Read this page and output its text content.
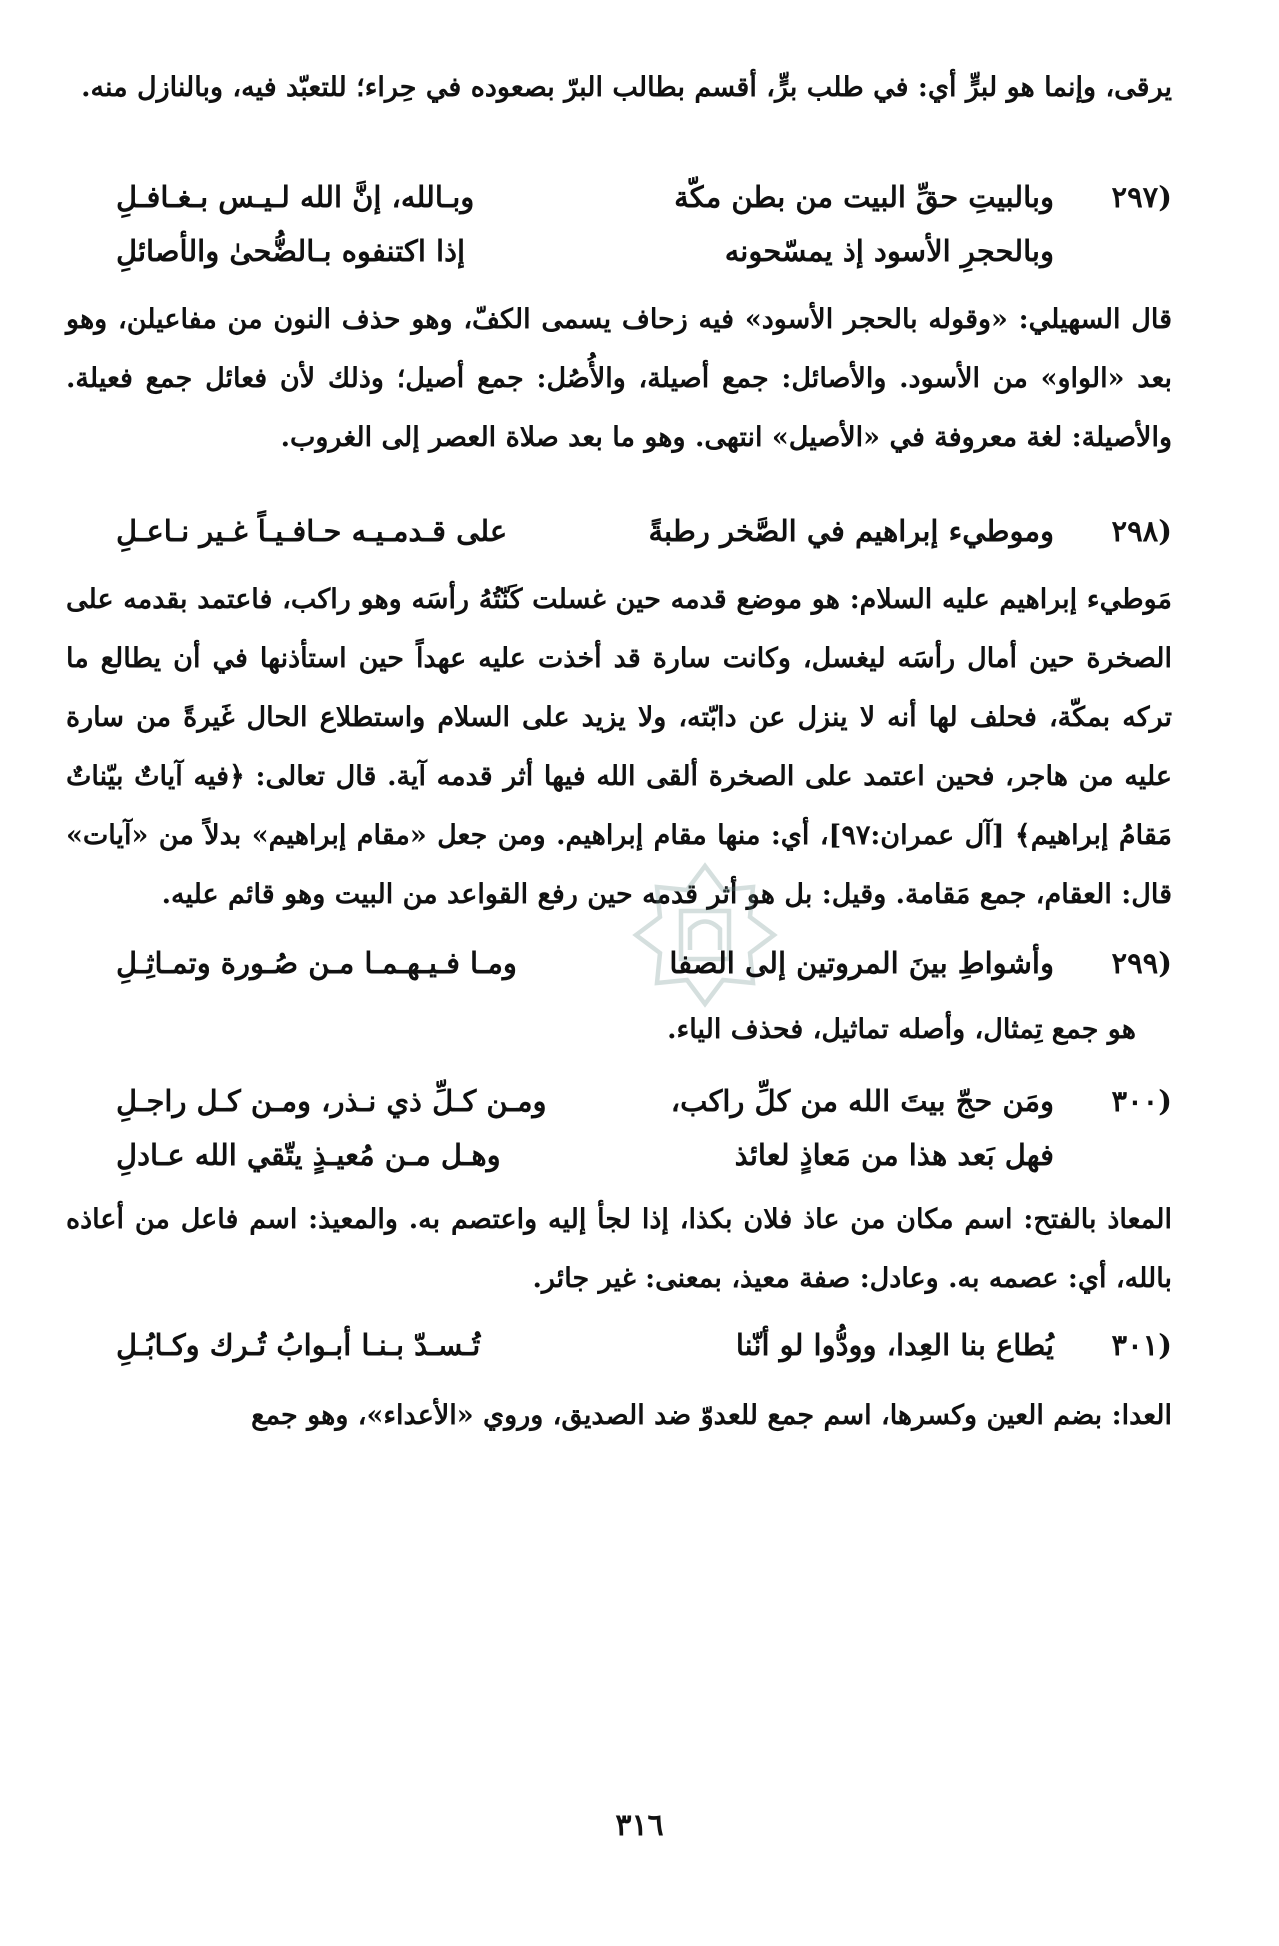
يرقى، وإنما هو لبرٍّ أي: في طلب برٍّ، أقسم بطالب البرّ بصعوده في حِراء؛ للتعبّد فيه، وبالنازل منه.
(٢٩٧
وبالبيتِ حقِّ البيت من بطن مكّة
وبـالله، إنَّ الله لـيـس بـغـافـلِ
وبالحجرِ الأسود إذ يمسّحونه
إذا اكتنفوه بـالضُّحىٰ والأصائلِ
قال السهيلي: «وقوله بالحجر الأسود» فيه زحاف يسمى الكفّ، وهو حذف النون من مفاعيلن، وهو بعد «الواو» من الأسود. والأصائل: جمع أصيلة، والأُصُل: جمع أصيل؛ وذلك لأن فعائل جمع فعيلة. والأصيلة: لغة معروفة في «الأصيل» انتهى. وهو ما بعد صلاة العصر إلى الغروب.
(٢٩٨
وموطيء إبراهيم في الصَّخر رطبةً
على قـدمـيـه حـافـيـاً غـير نـاعـلِ
مَوطيء إبراهيم عليه السلام: هو موضع قدمه حين غسلت كَنّتُهُ رأسَه وهو راكب، فاعتمد بقدمه على الصخرة حين أمال رأسَه ليغسل، وكانت سارة قد أخذت عليه عهداً حين استأذنها في أن يطالع ما تركه بمكّة، فحلف لها أنه لا ينزل عن دابّته، ولا يزيد على السلام واستطلاع الحال غَيرةً من سارة عليه من هاجر، فحين اعتمد على الصخرة ألقى الله فيها أثر قدمه آية. قال تعالى: ﴿فيه آياتٌ بيّناتٌ مَقامُ إبراهيم﴾ [آل عمران:٩٧]، أي: منها مقام إبراهيم. ومن جعل «مقام إبراهيم» بدلاً من «آيات» قال: العقام، جمع مَقامة. وقيل: بل هو أثر قدمه حين رفع القواعد من البيت وهو قائم عليه.
(٢٩٩
وأشواطِ بينَ المروتين إلى الصفا
ومـا فـيـهـمـا مـن صُـورة وتمـاثِـلِ
هو جمع تِمثال، وأصله تماثيل، فحذف الياء.
(٣٠٠
ومَن حجّ بيتَ الله من كلِّ راكب،
ومـن كـلِّ ذي نـذر، ومـن كـل راجـلِ
فهل بَعد هذا من مَعاذٍ لعائذ
وهـل مـن مُعيـذٍ يتّقي الله عـادلِ
المعاذ بالفتح: اسم مكان من عاذ فلان بكذا، إذا لجأ إليه واعتصم به. والمعيذ: اسم فاعل من أعاذه بالله، أي: عصمه به. وعادل: صفة معيذ، بمعنى: غير جائر.
(٣٠١
يُطاع بنا العِدا، وودُّوا لو أنّنا
تُـسـدّ بـنـا أبـوابُ تُـرك وكـابُـلِ
العدا: بضم العين وكسرها، اسم جمع للعدوّ ضد الصديق، وروي «الأعداء»، وهو جمع
٣١٦
